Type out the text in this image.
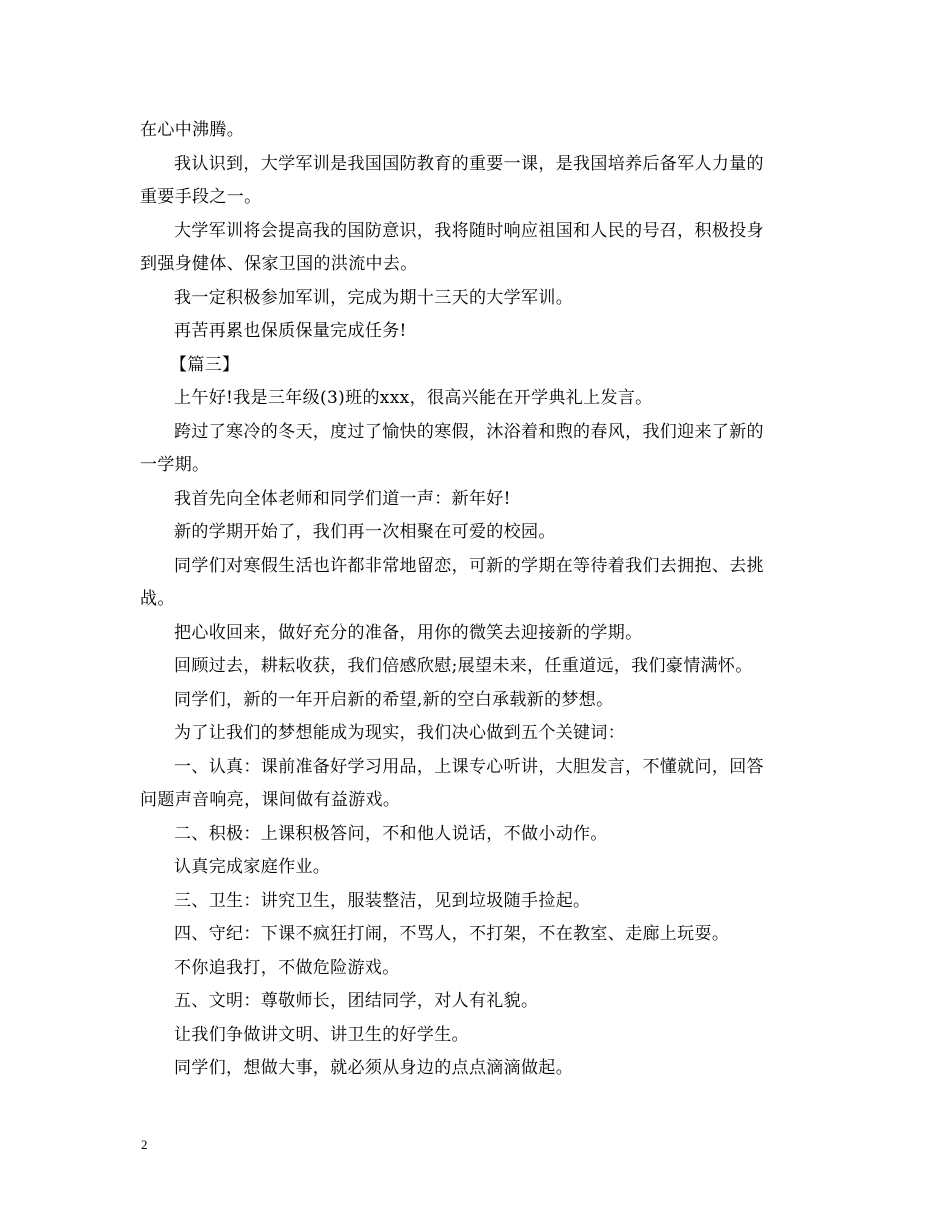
在心中沸腾。
我认识到，大学军训是我国国防教育的重要一课，是我国培养后备军人力量的
重要手段之一。
大学军训将会提高我的国防意识，我将随时响应祖国和人民的号召，积极投身
到强身健体、保家卫国的洪流中去。
我一定积极参加军训，完成为期十三天的大学军训。
再苦再累也保质保量完成任务!
【篇三】
上午好!我是三年级(3)班的xxx，很高兴能在开学典礼上发言。
跨过了寒冷的冬天，度过了愉快的寒假，沐浴着和煦的春风，我们迎来了新的
一学期。
我首先向全体老师和同学们道一声：新年好!
新的学期开始了，我们再一次相聚在可爱的校园。
同学们对寒假生活也许都非常地留恋，可新的学期在等待着我们去拥抱、去挑
战。
把心收回来，做好充分的准备，用你的微笑去迎接新的学期。
回顾过去，耕耘收获，我们倍感欣慰;展望未来，任重道远，我们豪情满怀。
同学们，新的一年开启新的希望,新的空白承载新的梦想。
为了让我们的梦想能成为现实，我们决心做到五个关键词：
一、认真：课前准备好学习用品，上课专心听讲，大胆发言，不懂就问，回答
问题声音响亮，课间做有益游戏。
二、积极：上课积极答问，不和他人说话，不做小动作。
认真完成家庭作业。
三、卫生：讲究卫生，服装整洁，见到垃圾随手捡起。
四、守纪：下课不疯狂打闹，不骂人，不打架，不在教室、走廊上玩耍。
不你追我打，不做危险游戏。
五、文明：尊敬师长，团结同学，对人有礼貌。
让我们争做讲文明、讲卫生的好学生。
同学们，想做大事，就必须从身边的点点滴滴做起。
2
